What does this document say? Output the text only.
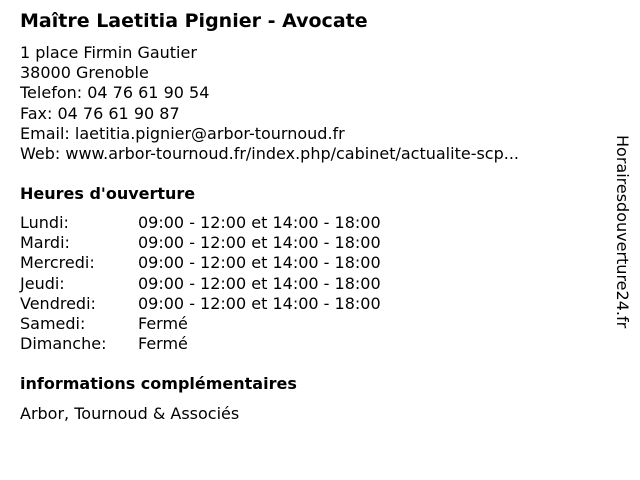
Maître Laetitia Pignier - Avocate
1 place Firmin Gautier
38000 Grenoble
Telefon: 04 76 61 90 54
Fax: 04 76 61 90 87
Email: laetitia.pignier@arbor-tournoud.fr
Web: www.arbor-tournoud.fr/index.php/cabinet/actualite-scp...
Heures d'ouverture
Lundi:	09:00 - 12:00 et 14:00 - 18:00
Mardi:	09:00 - 12:00 et 14:00 - 18:00
Mercredi:	09:00 - 12:00 et 14:00 - 18:00
Jeudi:	09:00 - 12:00 et 14:00 - 18:00
Vendredi:	09:00 - 12:00 et 14:00 - 18:00
Samedi:	Fermé
Dimanche:	Fermé
informations complémentaires
Arbor, Tournoud & Associés
Horairesdouverture24.fr
